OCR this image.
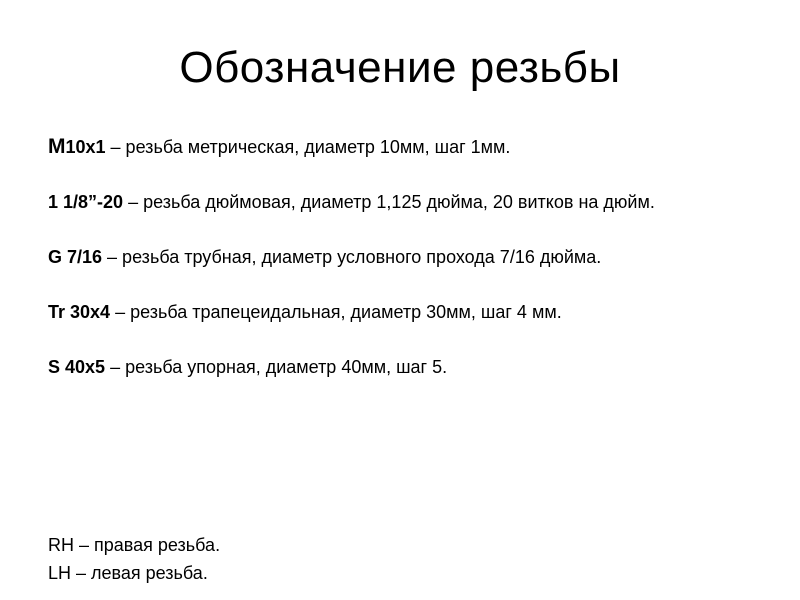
Обозначение резьбы

М10x1 – резьба метрическая, диаметр 10мм, шаг 1мм.

1 1/8”-20 – резьба дюймовая, диаметр 1,125 дюйма, 20 витков на дюйм.

G 7/16 – резьба трубная, диаметр условного прохода 7/16 дюйма.

Tr 30x4 – резьба трапецеидальная, диаметр 30мм, шаг 4 мм.

S 40x5 – резьба упорная, диаметр 40мм, шаг 5.

RH – правая резьба.

LH – левая резьба.
